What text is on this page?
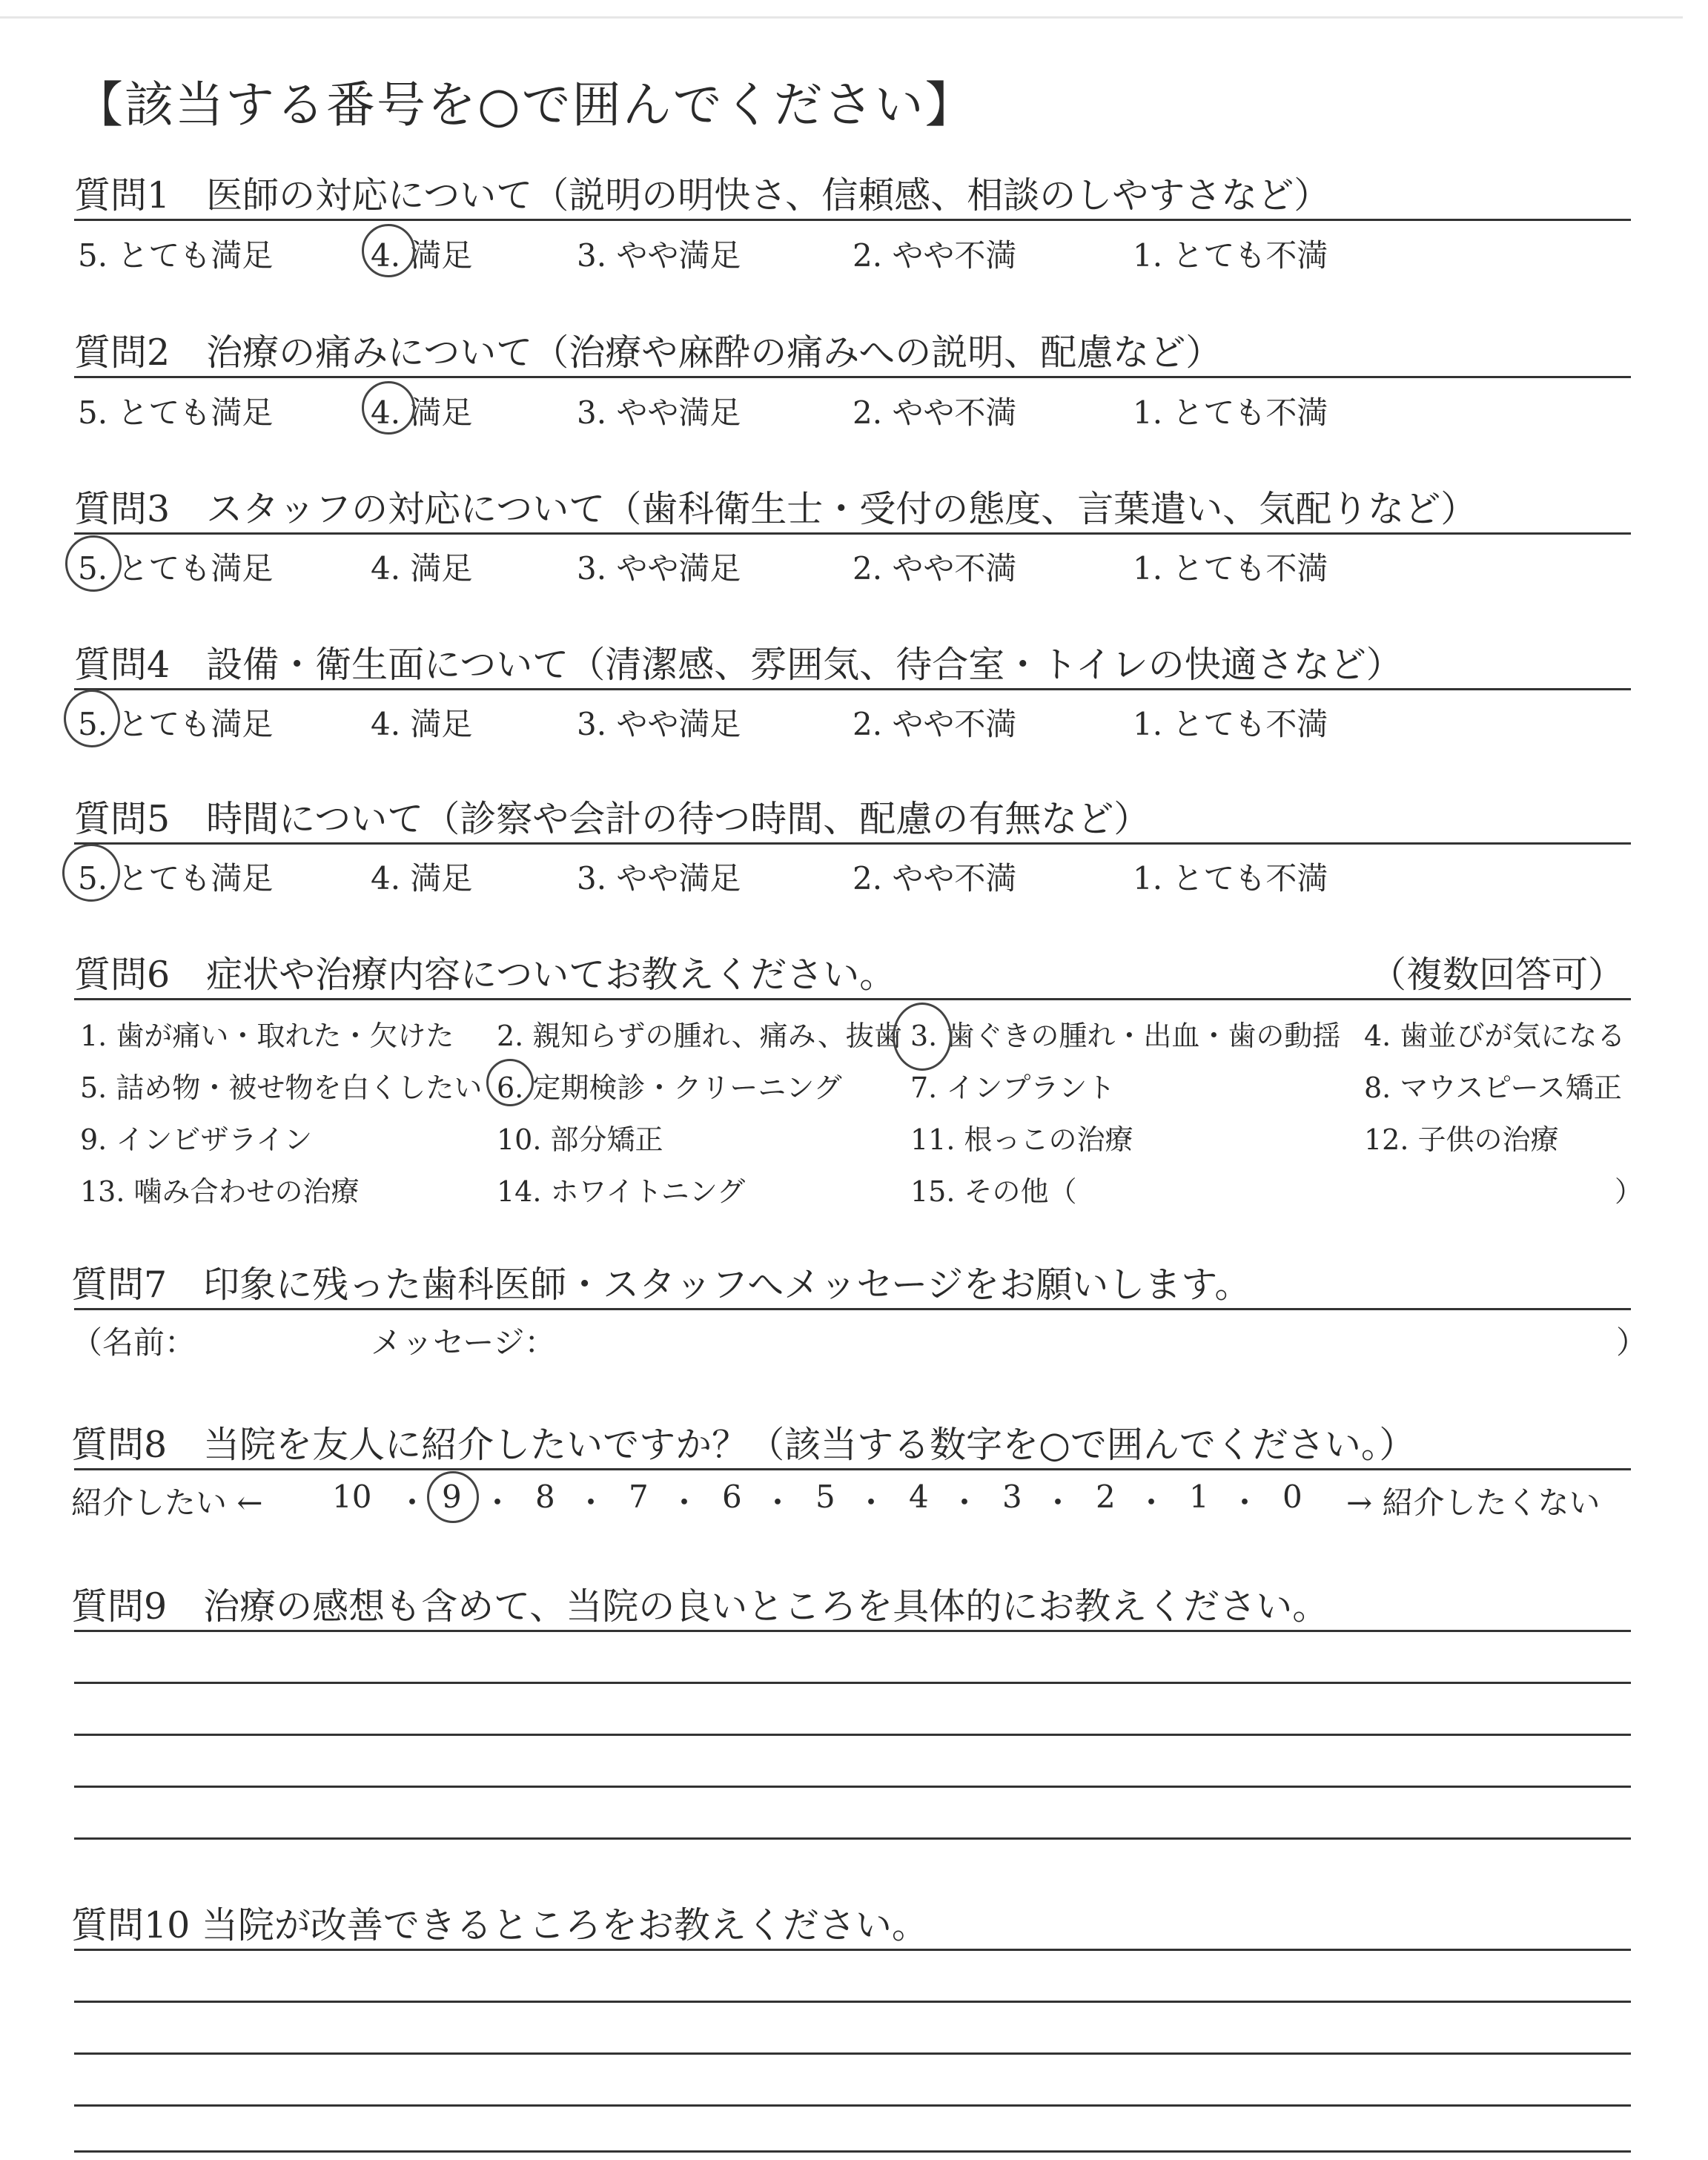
【該当する番号を○で囲んでください】
質問1　医師の対応について（説明の明快さ、信頼感、相談のしやすさなど）
5. とても満足	4. 満足	3. やや満足	2. やや不満	1. とても不満
質問2　治療の痛みについて（治療や麻酔の痛みへの説明、配慮など）
5. とても満足	4. 満足	3. やや満足	2. やや不満	1. とても不満
質問3　スタッフの対応について（歯科衛生士・受付の態度、言葉遣い、気配りなど）
5. とても満足	4. 満足	3. やや満足	2. やや不満	1. とても不満
質問4　設備・衛生面について（清潔感、雰囲気、待合室・トイレの快適さなど）
5. とても満足	4. 満足	3. やや満足	2. やや不満	1. とても不満
質問5　時間について（診察や会計の待つ時間、配慮の有無など）
5. とても満足	4. 満足	3. やや満足	2. やや不満	1. とても不満
質問6　症状や治療内容についてお教えください。	（複数回答可）
1. 歯が痛い・取れた・欠けた 2. 親知らずの腫れ、痛み、抜歯 3. 歯ぐきの腫れ・出血・歯の動揺 4. 歯並びが気になる
5. 詰め物・被せ物を白くしたい 6. 定期検診・クリーニング 7. インプラント	8. マウスピース矯正
9. インビザライン	10. 部分矯正	11. 根っこの治療	12. 子供の治療
13. 噛み合わせの治療	14. ホワイトニング	15. その他（	）
質問7　印象に残った歯科医師・スタッフへメッセージをお願いします。
（名前：	メッセージ：	）
質問8　当院を友人に紹介したいですか？（該当する数字を○で囲んでください。）
紹介したい ←	→ 紹介したくない
10 ・ 9 ・ 8 ・ 7 ・ 6 ・ 5 ・ 4 ・ 3 ・ 2 ・ 1 ・ 0
質問9　治療の感想も含めて、当院の良いところを具体的にお教えください。
質問10 当院が改善できるところをお教えください。
